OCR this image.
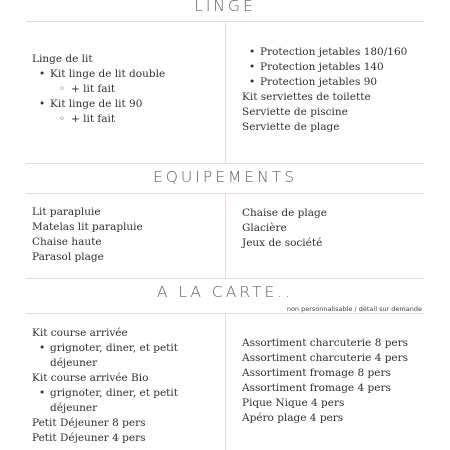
LINGE
EQUIPEMENTS
A LA CARTE..
non personnalisable / détail sur demande
Linge de lit
• Kit linge de lit double
◦ + lit fait
• Kit linge de lit 90
◦ + lit fait
• Protection jetables 180/160
• Protection jetables 140
• Protection jetables 90
Kit serviettes de toilette
Serviette de piscine
Serviette de plage
Lit parapluie
Matelas lit parapluie
Chaise haute
Parasol plage
Chaise de plage
Glacière
Jeux de société
Kit course arrivée
• grignoter, diner, et petit
déjeuner
Kit course arrivée Bio
• grignoter, diner, et petit
déjeuner
Petit Déjeuner 8 pers
Petit Déjeuner 4 pers
Assortiment charcuterie 8 pers
Assortiment charcuterie 4 pers
Assortiment fromage 8 pers
Assortiment fromage 4 pers
Pique Nique 4 pers
Apéro plage 4 pers
